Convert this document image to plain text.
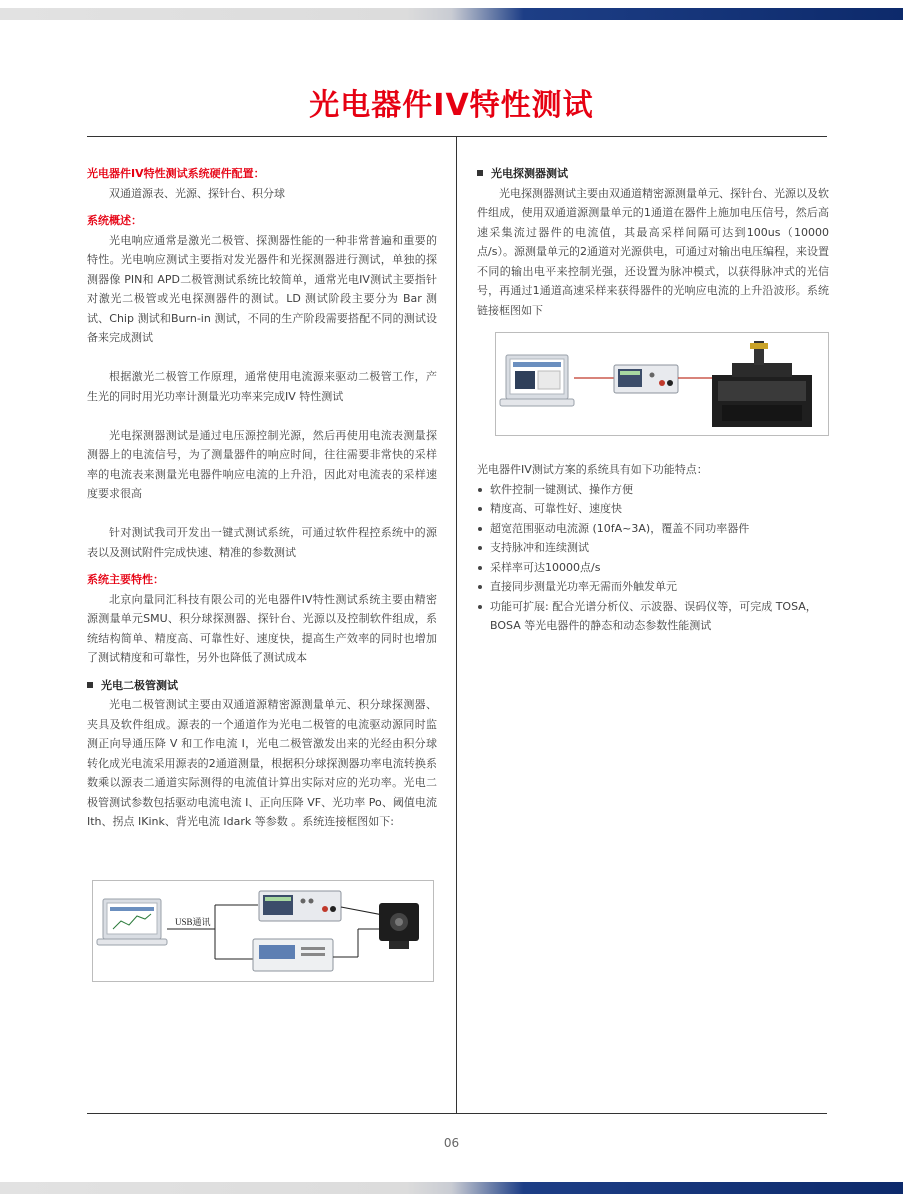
光电器件IV特性测试

光电器件IV特性测试系统硬件配置：

双通道源表、光源、探针台、积分球

系统概述：

光电响应通常是激光二极管、探测器性能的一种非常普遍和重要的特性。光电响应测试主要指对发光器件和光探测器进行测试，单独的探测器像 PIN和 APD二极管测试系统比较简单，通常光电IV测试主要指针对激光二极管或光电探测器件的测试。LD 测试阶段主要分为 Bar 测试、Chip 测试和Burn-in 测试，不同的生产阶段需要搭配不同的测试设备来完成测试

根据激光二极管工作原理，通常使用电流源来驱动二极管工作，产生光的同时用光功率计测量光功率来完成IV 特性测试

光电探测器测试是通过电压源控制光源，然后再使用电流表测量探测器上的电流信号，为了测量器件的响应时间，往往需要非常快的采样率的电流表来测量光电器件响应电流的上升沿，因此对电流表的采样速度要求很高

针对测试我司开发出一键式测试系统，可通过软件程控系统中的源表以及测试附件完成快速、精准的参数测试

系统主要特性：

北京向量同汇科技有限公司的光电器件IV特性测试系统主要由精密源测量单元SMU、积分球探测器、探针台、光源以及控制软件组成，系统结构简单、精度高、可靠性好、速度快，提高生产效率的同时也增加了测试精度和可靠性，另外也降低了测试成本

光电二极管测试

光电二极管测试主要由双通道源精密源测量单元、积分球探测器、夹具及软件组成。源表的一个通道作为光电二极管的电流驱动源同时监测正向导通压降 V 和工作电流 I，光电二极管激发出来的光经由积分球转化成光电流采用源表的2通道测量，根据积分球探测器功率电流转换系数乘以源表二通道实际测得的电流值计算出实际对应的光功率。光电二极管测试参数包括驱动电流电流 I、正向压降 VF、光功率 Po、阈值电流 Ith、拐点 IKink、背光电流 Idark 等参数 。系统连接框图如下:

USB通讯

光电探测器测试

光电探测器测试主要由双通道精密源测量单元、探针台、光源以及软件组成，使用双通道源测量单元的1通道在器件上施加电压信号，然后高速采集流过器件的电流值，其最高采样间隔可达到100us（10000点/s）。源测量单元的2通道对光源供电，可通过对输出电压编程，来设置不同的输出电平来控制光强，还设置为脉冲模式，以获得脉冲式的光信号，再通过1通道高速采样来获得器件的光响应电流的上升沿波形。系统链接框图如下

光电器件IV测试方案的系统具有如下功能特点：

软件控制一键测试、操作方便
精度高、可靠性好、速度快
超宽范围驱动电流源 (10fA~3A)，覆盖不同功率器件
支持脉冲和连续测试
采样率可达10000点/s
直接同步测量光功率无需而外触发单元
功能可扩展: 配合光谱分析仪、示波器、误码仪等，可完成 TOSA，BOSA 等光电器件的静态和动态参数性能测试
06
